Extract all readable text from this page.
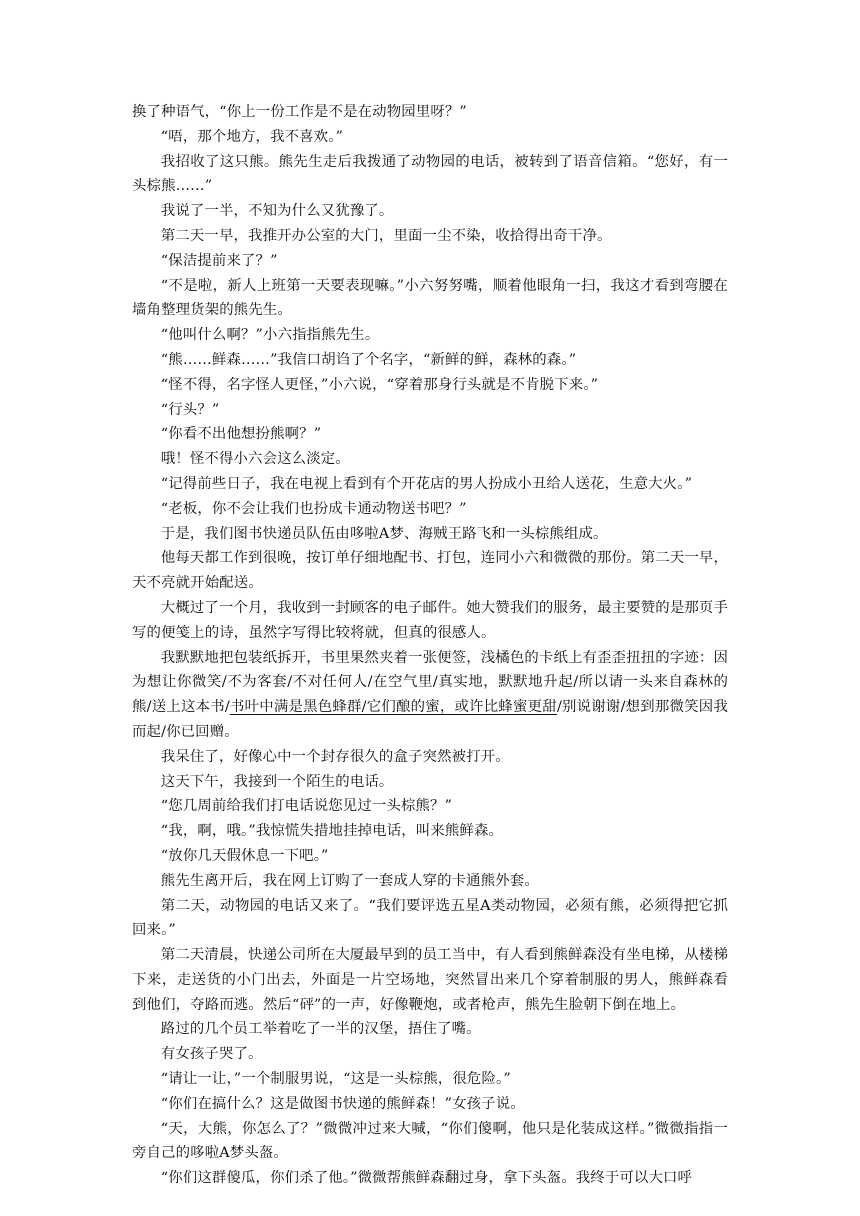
换了种语气，“你上一份工作是不是在动物园里呀？”

“唔，那个地方，我不喜欢。”

我招收了这只熊。熊先生走后我拨通了动物园的电话，被转到了语音信箱。“您好，有一头棕熊……”

我说了一半，不知为什么又犹豫了。

第二天一早，我推开办公室的大门，里面一尘不染，收拾得出奇干净。

“保洁提前来了？”

“不是啦，新人上班第一天要表现嘛。”小六努努嘴，顺着他眼角一扫，我这才看到弯腰在墙角整理货架的熊先生。

“他叫什么啊？”小六指指熊先生。

“熊……鲜森……”我信口胡诌了个名字，“新鲜的鲜，森林的森。”

“怪不得，名字怪人更怪，”小六说，“穿着那身行头就是不肯脱下来。”

“行头？”

“你看不出他想扮熊啊？”

哦！怪不得小六会这么淡定。

“记得前些日子，我在电视上看到有个开花店的男人扮成小丑给人送花，生意大火。”

“老板，你不会让我们也扮成卡通动物送书吧？”

于是，我们图书快递员队伍由哆啦A梦、海贼王路飞和一头棕熊组成。

他每天都工作到很晚，按订单仔细地配书、打包，连同小六和微微的那份。第二天一早，天不亮就开始配送。

大概过了一个月，我收到一封顾客的电子邮件。她大赞我们的服务，最主要赞的是那页手写的便笺上的诗，虽然字写得比较将就，但真的很感人。

我默默地把包装纸拆开，书里果然夹着一张便签，浅橘色的卡纸上有歪歪扭扭的字迹：因为想让你微笑/不为客套/不对任何人/在空气里/真实地，默默地升起/所以请一头来自森林的熊/送上这本书/书叶中满是黑色蜂群/它们酿的蜜，或许比蜂蜜更甜/别说谢谢/想到那微笑因我而起/你已回赠。

我呆住了，好像心中一个封存很久的盒子突然被打开。

这天下午，我接到一个陌生的电话。

“您几周前给我们打电话说您见过一头棕熊？”

“我，啊，哦。”我惊慌失措地挂掉电话，叫来熊鲜森。

“放你几天假休息一下吧。”

熊先生离开后，我在网上订购了一套成人穿的卡通熊外套。

第二天，动物园的电话又来了。“我们要评选五星A类动物园，必须有熊，必须得把它抓回来。”

第二天清晨，快递公司所在大厦最早到的员工当中，有人看到熊鲜森没有坐电梯，从楼梯下来，走送货的小门出去，外面是一片空场地，突然冒出来几个穿着制服的男人，熊鲜森看到他们，夺路而逃。然后“砰”的一声，好像鞭炮，或者枪声，熊先生脸朝下倒在地上。

路过的几个员工举着吃了一半的汉堡，捂住了嘴。

有女孩子哭了。

“请让一让，”一个制服男说，“这是一头棕熊，很危险。”

“你们在搞什么？这是做图书快递的熊鲜森！”女孩子说。

“天，大熊，你怎么了？”微微冲过来大喊，“你们傻啊，他只是化装成这样。”微微指指一旁自己的哆啦A梦头盔。

“你们这群傻瓜，你们杀了他。”微微帮熊鲜森翻过身，拿下头盔。我终于可以大口呼
